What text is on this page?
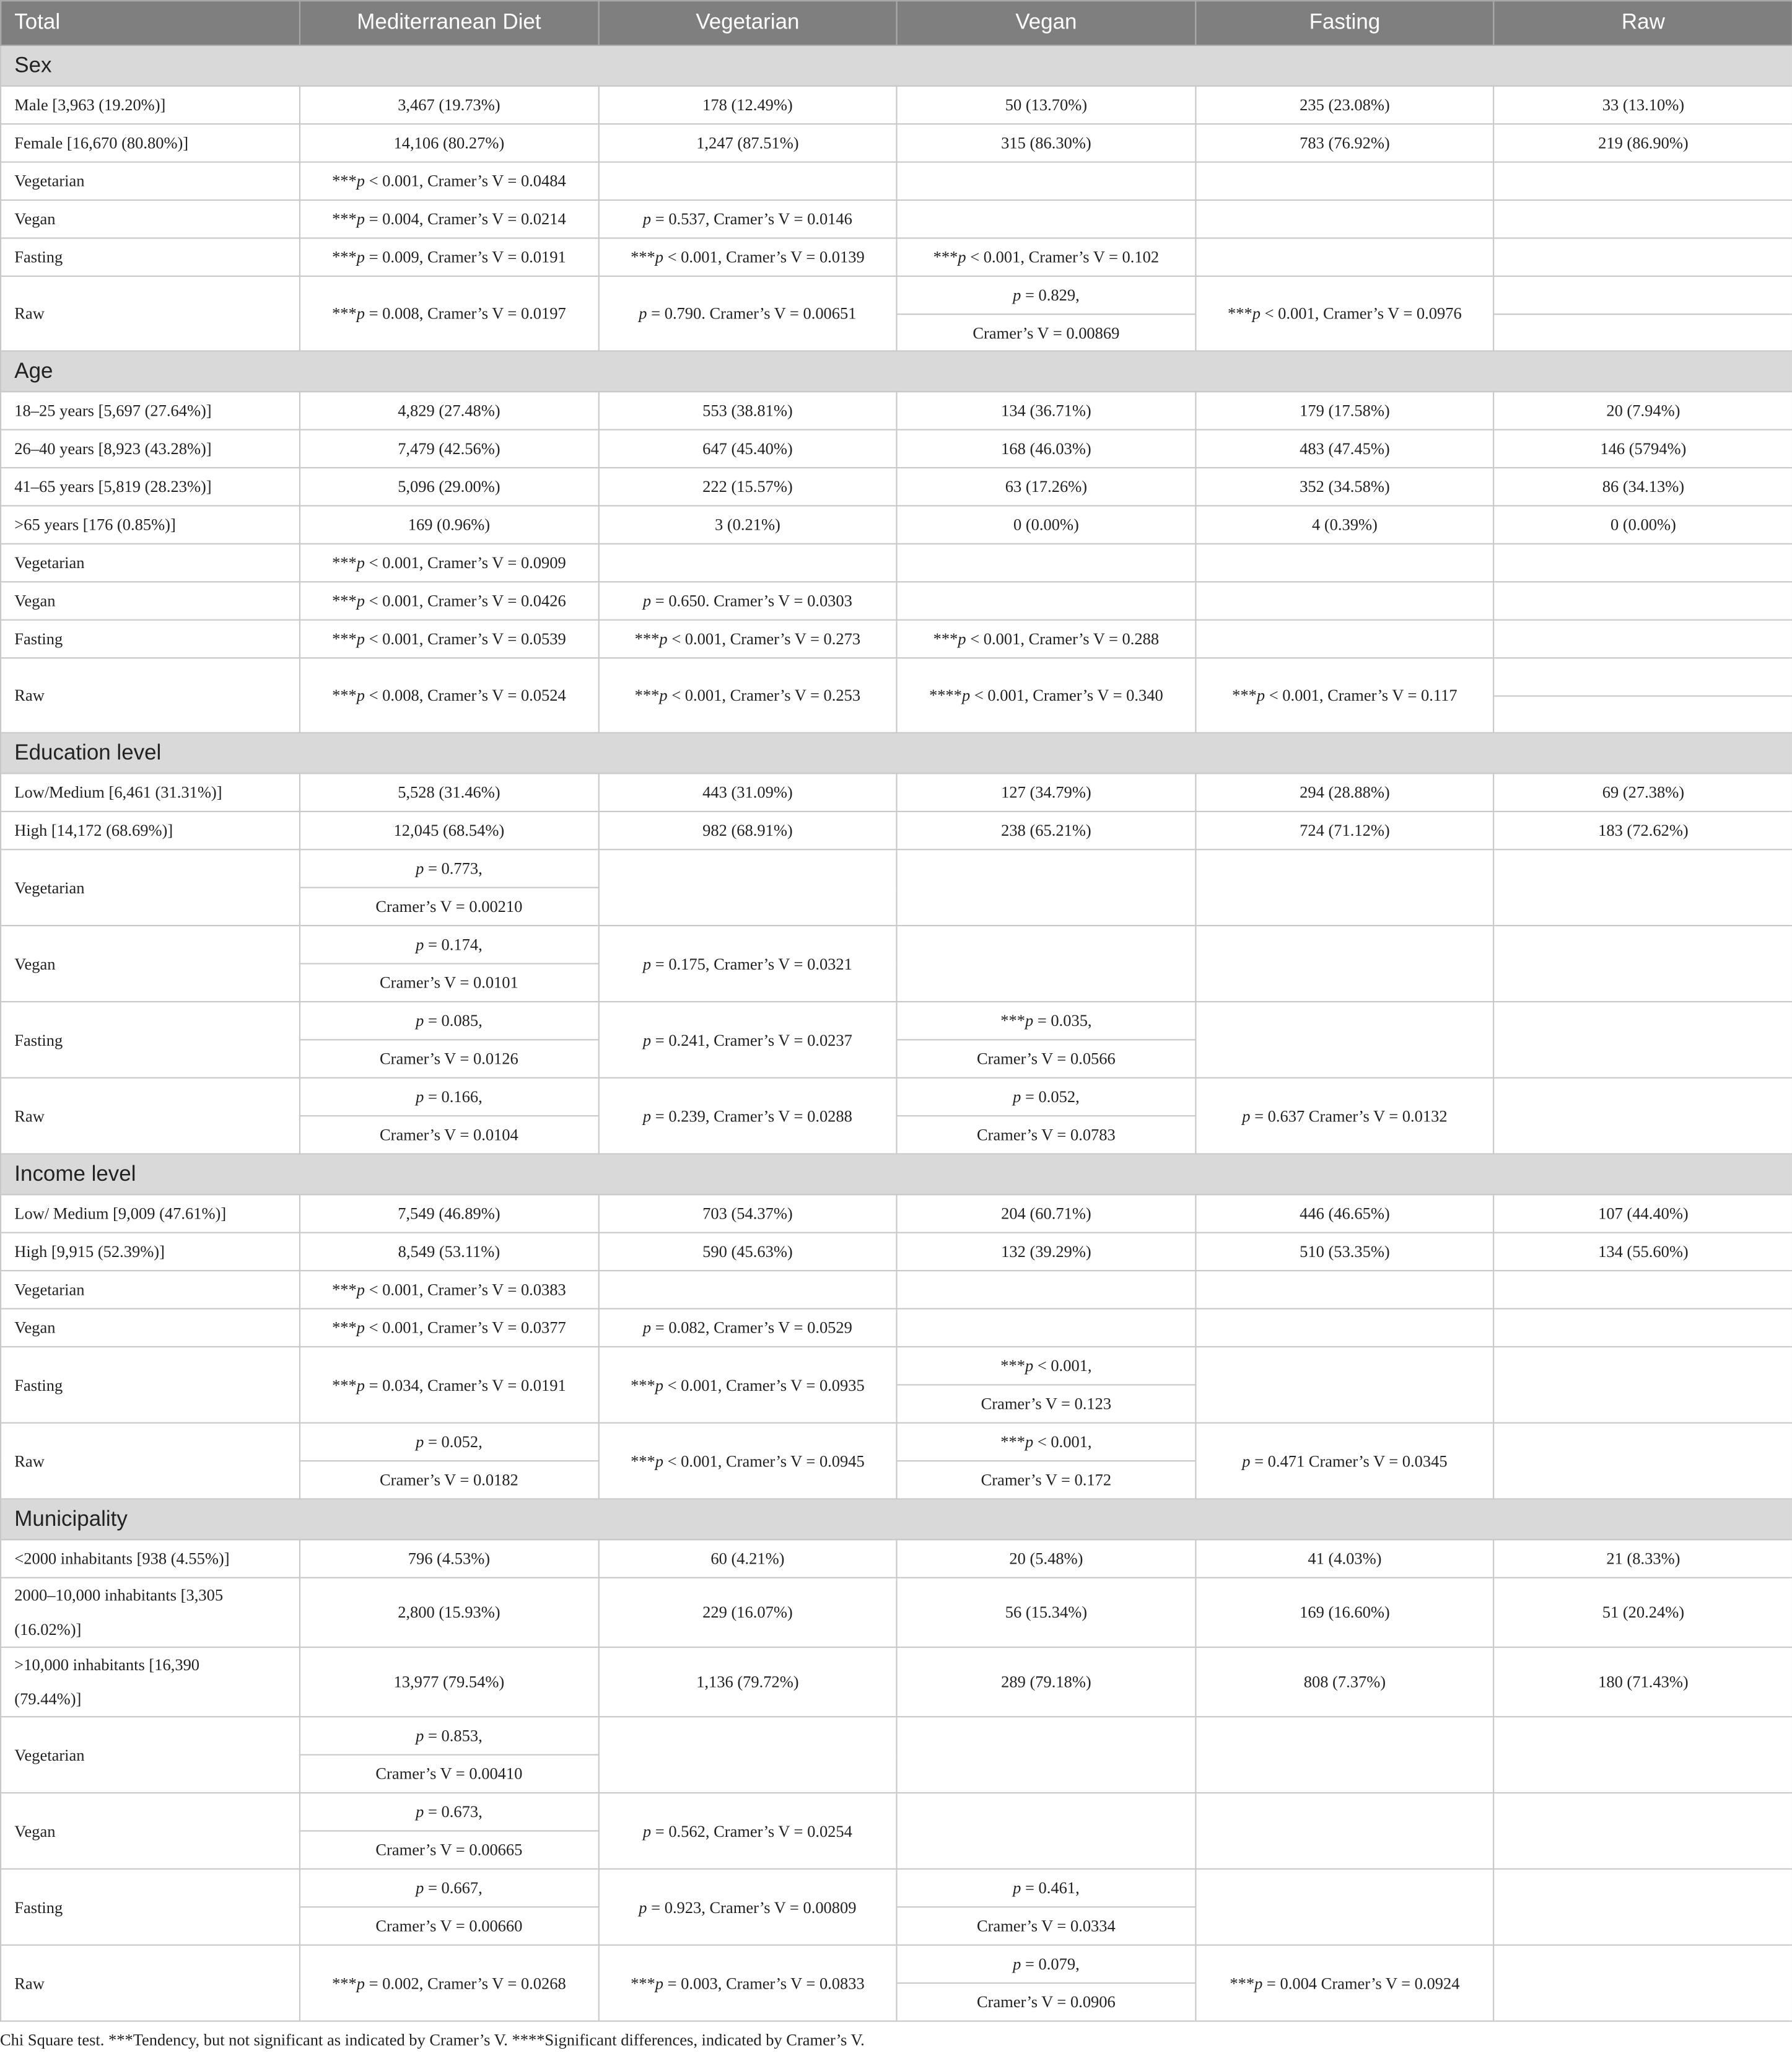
Total	Mediterranean Diet	Vegetarian	Vegan	Fasting	Raw
Sex					
Male [3,963 (19.20%)]	3,467 (19.73%)	178 (12.49%)	50 (13.70%)	235 (23.08%)	33 (13.10%)
Female [16,670 (80.80%)]	14,106 (80.27%)	1,247 (87.51%)	315 (86.30%)	783 (76.92%)	219 (86.90%)
Vegetarian	***p < 0.001, Cramer’s V = 0.0484				
Vegan	***p = 0.004, Cramer’s V = 0.0214	p = 0.537, Cramer’s V = 0.0146			
Fasting	***p = 0.009, Cramer’s V = 0.0191	***p < 0.001, Cramer’s V = 0.0139	***p < 0.001, Cramer’s V = 0.102		
Raw	***p = 0.008, Cramer’s V = 0.0197	p = 0.790. Cramer’s V = 0.00651	p = 0.829,	***p < 0.001, Cramer’s V = 0.0976	
			Cramer’s V = 0.00869		
Age					
18–25 years [5,697 (27.64%)]	4,829 (27.48%)	553 (38.81%)	134 (36.71%)	179 (17.58%)	20 (7.94%)
26–40 years [8,923 (43.28%)]	7,479 (42.56%)	647 (45.40%)	168 (46.03%)	483 (47.45%)	146 (5794%)
41–65 years [5,819 (28.23%)]	5,096 (29.00%)	222 (15.57%)	63 (17.26%)	352 (34.58%)	86 (34.13%)
>65 years [176 (0.85%)]	169 (0.96%)	3 (0.21%)	0 (0.00%)	4 (0.39%)	0 (0.00%)
Vegetarian	***p < 0.001, Cramer’s V = 0.0909				
Vegan	***p < 0.001, Cramer’s V = 0.0426	p = 0.650. Cramer’s V = 0.0303			
Fasting	***p < 0.001, Cramer’s V = 0.0539	***p < 0.001, Cramer’s V = 0.273	***p < 0.001, Cramer’s V = 0.288		
Raw	***p < 0.008, Cramer’s V = 0.0524	***p < 0.001, Cramer’s V = 0.253	****p < 0.001, Cramer’s V = 0.340	***p < 0.001, Cramer’s V = 0.117	

Education level					
Low/Medium [6,461 (31.31%)]	5,528 (31.46%)	443 (31.09%)	127 (34.79%)	294 (28.88%)	69 (27.38%)
High [14,172 (68.69%)]	12,045 (68.54%)	982 (68.91%)	238 (65.21%)	724 (71.12%)	183 (72.62%)
Vegetarian	p = 0.773,				
	Cramer’s V = 0.00210				
Vegan	p = 0.174,	p = 0.175, Cramer’s V = 0.0321			
	Cramer’s V = 0.0101				
Fasting	p = 0.085,	p = 0.241, Cramer’s V = 0.0237	***p = 0.035,		
	Cramer’s V = 0.0126		Cramer’s V = 0.0566		
Raw	p = 0.166,	p = 0.239, Cramer’s V = 0.0288	p = 0.052,	p = 0.637 Cramer’s V = 0.0132	
	Cramer’s V = 0.0104		Cramer’s V = 0.0783		
Income level					
Low/ Medium [9,009 (47.61%)]	7,549 (46.89%)	703 (54.37%)	204 (60.71%)	446 (46.65%)	107 (44.40%)
High [9,915 (52.39%)]	8,549 (53.11%)	590 (45.63%)	132 (39.29%)	510 (53.35%)	134 (55.60%)
Vegetarian	***p < 0.001, Cramer’s V = 0.0383				
Vegan	***p < 0.001, Cramer’s V = 0.0377	p = 0.082, Cramer’s V = 0.0529			
Fasting	***p = 0.034, Cramer’s V = 0.0191	***p < 0.001, Cramer’s V = 0.0935	***p < 0.001,		
			Cramer’s V = 0.123		
Raw	p = 0.052,	***p < 0.001, Cramer’s V = 0.0945	***p < 0.001,	p = 0.471 Cramer’s V = 0.0345	
	Cramer’s V = 0.0182		Cramer’s V = 0.172		
Municipality					
<2000 inhabitants [938 (4.55%)]	796 (4.53%)	60 (4.21%)	20 (5.48%)	41 (4.03%)	21 (8.33%)
2000–10,000 inhabitants [3,305
(16.02%)]	2,800 (15.93%)	229 (16.07%)	56 (15.34%)	169 (16.60%)	51 (20.24%)
>10,000 inhabitants [16,390
(79.44%)]	13,977 (79.54%)	1,136 (79.72%)	289 (79.18%)	808 (7.37%)	180 (71.43%)
Vegetarian	p = 0.853,				
	Cramer’s V = 0.00410				
Vegan	p = 0.673,	p = 0.562, Cramer’s V = 0.0254			
	Cramer’s V = 0.00665				
Fasting	p = 0.667,	p = 0.923, Cramer’s V = 0.00809	p = 0.461,		
	Cramer’s V = 0.00660		Cramer’s V = 0.0334		
Raw	***p = 0.002, Cramer’s V = 0.0268	***p = 0.003, Cramer’s V = 0.0833	p = 0.079,	***p = 0.004 Cramer’s V = 0.0924	
			Cramer’s V = 0.0906		
Chi Square test. ***Tendency, but not significant as indicated by Cramer’s V. ****Significant differences, indicated by Cramer’s V.
